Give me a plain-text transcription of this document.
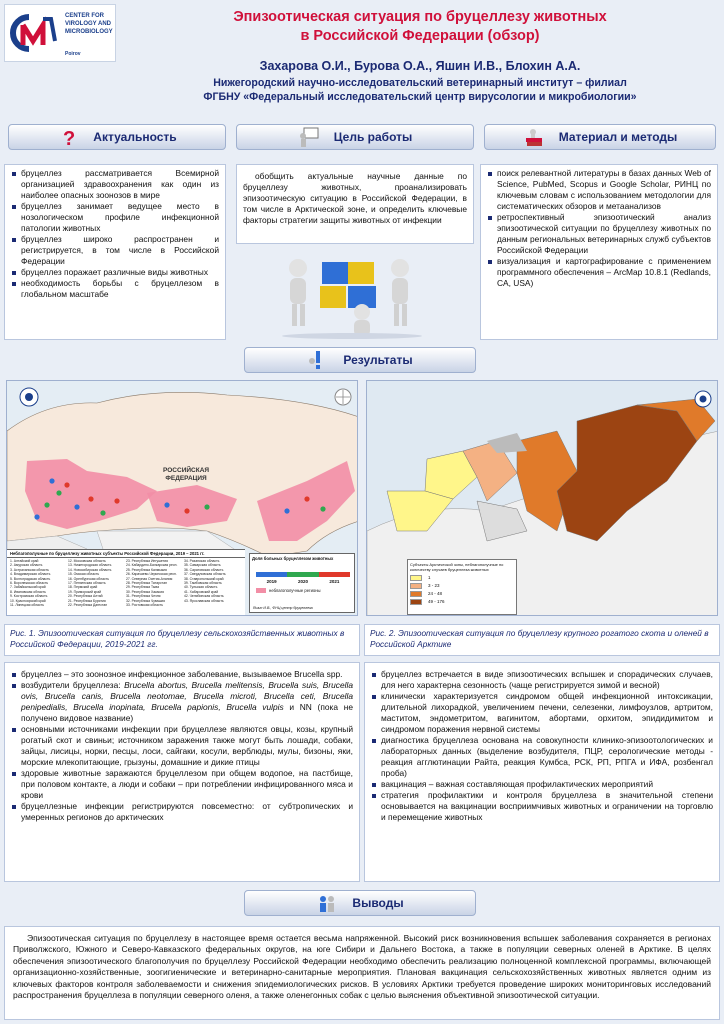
CENTER FOR
VIROLOGY AND
MICROBIOLOGY
Poirov
Эпизоотическая ситуация по бруцеллезу животных
в Российской Федерации (обзор)
Захарова О.И., Бурова О.А., Яшин И.В., Блохин А.А.
Нижегородский научно-исследовательский ветеринарный институт – филиал
ФГБНУ «Федеральный исследовательский центр вирусологии и микробиологии»
? Актуальность	Цель работы	Материал и методы
бруцеллез рассматривается Всемирной организацией здравоохранения как один из наиболее опасных зоонозов в мире
бруцеллез занимает ведущее место в нозологическом профиле инфекционной патологии животных
бруцеллез широко распространен и регистрируется, в том числе в Российской Федерации
бруцеллез поражает различные виды животных
необходимость борьбы с бруцеллезом в глобальном масштабе
обобщить актуальные научные данные по бруцеллезу животных, проанализировать эпизоотическую ситуацию в Российской Федерации, в том числе в Арктической зоне, и определить ключевые факторы стратегии защиты животных от инфекции
поиск релевантной литературы в базах данных Web of Science, PubMed, Scopus и Google Scholar, РИНЦ по ключевым словам с использованием методологии для систематических обзоров и метаанализов
ретроспективный эпизоотический анализ эпизоотической ситуации по бруцеллезу животных по данным региональных ветеринарных служб субъектов Российской Федерации
визуализация и картографирование с применением программного обеспечения – ArcMap 10.8.1 (Redlands, CA, USA)
Результаты
РОССИЙСКАЯ
ФЕДЕРАЦИЯ
Неблагополучные по бруцеллезу животных субъекты Российской Федерации, 2019 – 2021 гг.
1. Алтайский край
2. Амурская область
3. Астраханская область
4. Владимирская область
5. Волгоградская область
6. Воронежская область
7. Забайкальский край
8. Ивановская область
9. Костромская область
10. Красноярский край
11. Липецкая область
12. Московская область
13. Нижегородская область
14. Новосибирская область
15. Омская область
16. Оренбургская область
17. Пензенская область
18. Пермский край
19. Приморский край
20. Республика Алтай
21. Республика Бурятия
22. Республика Дагестан
23. Республика Ингушетия
24. Кабардино-Балкарская респ.
25. Республика Калмыкия
26. Карачаево-Черкесская респ.
27. Северная Осетия-Алания
28. Республика Татарстан
29. Республика Тыва
30. Республика Хакасия
31. Республика Чечня
32. Республика Чувашия
33. Ростовская область
34. Рязанская область
35. Самарская область
36. Саратовская область
37. Свердловская область
38. Ставропольский край
39. Тамбовская область
40. Тульская область
41. Хабаровский край
42. Челябинская область
43. Ярославская область
Доля больных бруцеллезом животных
2019	2020	2021
неблагополучные регионы
Яшин И.В., ФНЦ центр бруцеллеза
Субъекты Арктической зоны, неблагополучные по количеству случаев бруцеллеза животных
1
3 - 23
24 - 48
49 - 176
Рис. 1. Эпизоотическая ситуация по бруцеллезу сельскохозяйственных животных в Российской Федерации, 2019-2021 гг.
Рис. 2. Эпизоотическая ситуация по бруцеллезу крупного рогатого скота и оленей в Российской Арктике
бруцеллез – это зоонозное инфекционное заболевание, вызываемое Brucella spp.
возбудители бруцеллеза: Brucella abortus, Brucella melitensis, Brucella suis, Brucella ovis, Brucella canis, Brucella neotomae, Brucella microti, Brucella ceti, Brucella penipedialis, Brucella inopinata, Brucella papionis, Brucella vulpis и NN (пока не получено видовое название)
основными источниками инфекции при бруцеллезе являются овцы, козы, крупный рогатый скот и свиньи; источником заражения также могут быть лошади, собаки, зайцы, лисицы, норки, песцы, лоси, сайгаки, косули, верблюды, мулы, бизоны, яки, морские млекопитающие, грызуны, домашние и дикие птицы
здоровые животные заражаются бруцеллезом при общем водопое, на пастбище, при половом контакте, а люди и собаки – при потреблении инфицированного мяса и крови
бруцеллезные инфекции регистрируются повсеместно: от субтропических и умеренных регионов до арктических
бруцеллез встречается в виде эпизоотических вспышек и спорадических случаев, для него характерна сезонность (чаще регистрируется зимой и весной)
клинически характеризуется синдромом общей инфекционной интоксикации, длительной лихорадкой, увеличением печени, селезенки, лимфоузлов, артритом, маститом, эндометритом, вагинитом, абортами, орхитом, эпидидимитом и синдромом поражения нервной системы
диагностика бруцеллеза основана на совокупности клинико-эпизоотологических и лабораторных данных (выделение возбудителя, ПЦР, серологические методы - реакция агглютинации Райта, реакция Кумбса, РСК, РП, РПГА и ИФА, розбенгал проба)
вакцинация – важная составляющая профилактических мероприятий
стратегия профилактики и контроля бруцеллеза в значительной степени основывается на вакцинации восприимчивых животных и ограничении на торговлю и перемещение животных
Выводы
Эпизоотическая ситуация по бруцеллезу в настоящее время остается весьма напряженной. Высокий риск возникновения вспышек заболевания сохраняется в регионах Приволжского, Южного и Северо-Кавказского федеральных округов, на юге Сибири и Дальнего Востока, а также в популяции северных оленей в Арктике. В целях обеспечения эпизоотического благополучия по бруцеллезу Российской Федерации необходимо обеспечить реализацию полноценной комплексной программы, включающей организационно-хозяйственные, зоогигиенические и ветеринарно-санитарные мероприятия. Плановая вакцинация сельскохозяйственных животных является одним из ключевых факторов контроля заболеваемости и снижения эпидемиологических рисков. В условиях Арктики требуется проведение широких мониторинговых исследований распространения бруцеллеза в популяции северного оленя, а также оленегонных собак с целью выяснения объективной эпизоотической ситуации.
